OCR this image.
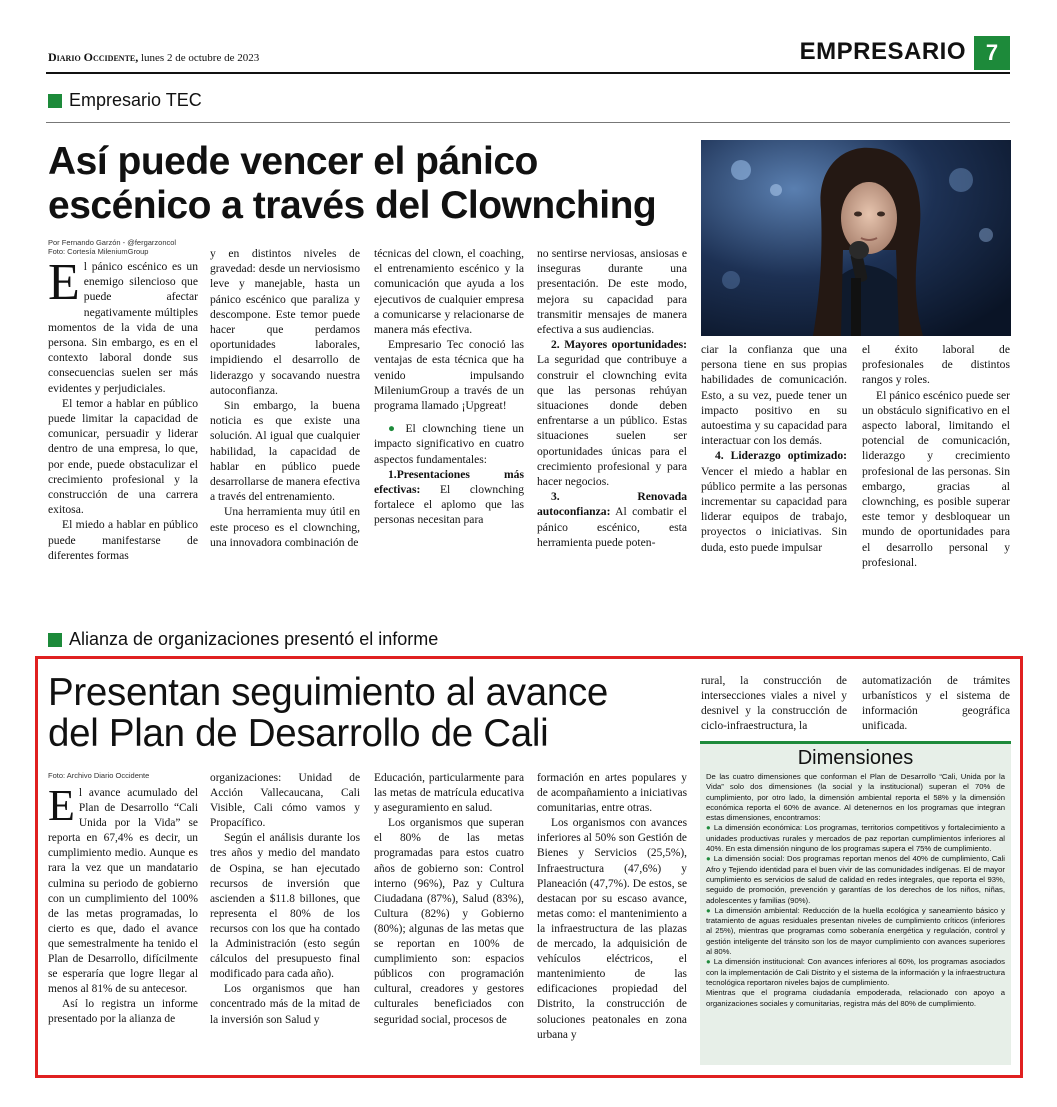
Diario Occidente, lunes 2 de octubre de 2023	EMPRESARIO 7
Empresario TEC
Así puede vencer el pánico
escénico a través del Clownching
Por Fernando Garzón - @fergarzoncol
Foto: Cortesía MileniumGroup

El pánico escénico es un enemigo silencioso que puede afectar negativamente múltiples momentos de la vida de una persona. Sin embargo, es en el contexto laboral donde sus consecuencias suelen ser más evidentes y perjudiciales.

El temor a hablar en público puede limitar la capacidad de comunicar, persuadir y liderar dentro de una empresa, lo que, por ende, puede obstaculizar el crecimiento profesional y la construcción de una carrera exitosa.

El miedo a hablar en público puede manifestarse de diferentes formas

y en distintos niveles de gravedad: desde un nerviosismo leve y manejable, hasta un pánico escénico que paraliza y descompone. Este temor puede hacer que perdamos oportunidades laborales, impidiendo el desarrollo de liderazgo y socavando nuestra autoconfianza.

Sin embargo, la buena noticia es que existe una solución. Al igual que cualquier habilidad, la capacidad de hablar en público puede desarrollarse de manera efectiva a través del entrenamiento.

Una herramienta muy útil en este proceso es el clownching, una innovadora combinación de

técnicas del clown, el coaching, el entrenamiento escénico y la comunicación que ayuda a los ejecutivos de cualquier empresa a comunicarse y relacionarse de manera más efectiva.

Empresario Tec conoció las ventajas de esta técnica que ha venido impulsando MileniumGroup a través de un programa llamado ¡Upgreat!

● El clownching tiene un impacto significativo en cuatro aspectos fundamentales:

1.Presentaciones más efectivas: El clownching fortalece el aplomo que las personas necesitan para

no sentirse nerviosas, ansiosas e inseguras durante una presentación. De este modo, mejora su capacidad para transmitir mensajes de manera efectiva a sus audiencias.

2. Mayores oportunidades: La seguridad que contribuye a construir el clownching evita que las personas rehúyan situaciones donde deben enfrentarse a un público. Estas situaciones suelen ser oportunidades únicas para el crecimiento profesional y para hacer negocios.

3. Renovada autoconfianza: Al combatir el pánico escénico, esta herramienta puede poten-

ciar la confianza que una persona tiene en sus propias habilidades de comunicación. Esto, a su vez, puede tener un impacto positivo en su autoestima y su capacidad para interactuar con los demás.

4. Liderazgo optimizado: Vencer el miedo a hablar en público permite a las personas incrementar su capacidad para liderar equipos de trabajo, proyectos o iniciativas. Sin duda, esto puede impulsar

el éxito laboral de profesionales de distintos rangos y roles.

El pánico escénico puede ser un obstáculo significativo en el aspecto laboral, limitando el potencial de comunicación, liderazgo y crecimiento profesional de las personas. Sin embargo, gracias al clownching, es posible superar este temor y desbloquear un mundo de oportunidades para el desarrollo personal y profesional.

Alianza de organizaciones presentó el informe
Presentan seguimiento al avance
del Plan de Desarrollo de Cali
Foto: Archivo Diario Occidente

El avance acumulado del Plan de Desarrollo “Cali Unida por la Vida” se reporta en 67,4% es decir, un cumplimiento medio. Aunque es rara la vez que un mandatario culmina su periodo de gobierno con un cumplimiento del 100% de las metas programadas, lo cierto es que, dado el avance que semestralmente ha tenido el Plan de Desarrollo, difícilmente se esperaría que logre llegar al menos al 81% de su antecesor.

Así lo registra un informe presentado por la alianza de

organizaciones: Unidad de Acción Vallecaucana, Cali Visible, Cali cómo vamos y Propacífico.

Según el análisis durante los tres años y medio del mandato de Ospina, se han ejecutado recursos de inversión que ascienden a $11.8 billones, que representa el 80% de los recursos con los que ha contado la Administración (esto según cálculos del presupuesto final modificado para cada año).

Los organismos que han concentrado más de la mitad de la inversión son Salud y

Educación, particularmente para las metas de matrícula educativa y aseguramiento en salud.

Los organismos que superan el 80% de las metas programadas para estos cuatro años de gobierno son: Control interno (96%), Paz y Cultura Ciudadana (87%), Salud (83%), Cultura (82%) y Gobierno (80%); algunas de las metas que se reportan en 100% de cumplimiento son: espacios públicos con programación cultural, creadores y gestores culturales beneficiados con seguridad social, procesos de

formación en artes populares y de acompañamiento a iniciativas comunitarias, entre otras.

Los organismos con avances inferiores al 50% son Gestión de Bienes y Servicios (25,5%), Infraestructura (47,6%) y Planeación (47,7%). De estos, se destacan por su escaso avance, metas como: el mantenimiento a la infraestructura de las plazas de mercado, la adquisición de vehículos eléctricos, el mantenimiento de las edificaciones propiedad del Distrito, la construcción de soluciones peatonales en zona urbana y

rural, la construcción de intersecciones viales a nivel y desnivel y la construcción de ciclo-infraestructura, la

automatización de trámites urbanísticos y el sistema de información geográfica unificada.

Dimensiones

De las cuatro dimensiones que conforman el Plan de Desarrollo “Cali, Unida por la Vida” solo dos dimensiones (la social y la institucional) superan el 70% de cumplimiento, por otro lado, la dimensión ambiental reporta el 58% y la dimensión económica reporta el 60% de avance. Al detenernos en los programas que integran estas dimensiones, encontramos:

● La dimensión económica: Los programas, territorios competitivos y fortalecimiento a unidades productivas rurales y mercados de paz reportan cumplimientos inferiores al 40%. En esta dimensión ninguno de los programas supera el 75% de cumplimiento.

● La dimensión social: Dos programas reportan menos del 40% de cumplimiento, Cali Afro y Tejiendo identidad para el buen vivir de las comunidades indígenas. El de mayor cumplimiento es servicios de salud de calidad en redes integrales, que reporta el 93%, seguido de promoción, prevención y garantías de los derechos de los niños, niñas, adolescentes y familias (90%).

● La dimensión ambiental: Reducción de la huella ecológica y saneamiento básico y tratamiento de aguas residuales presentan niveles de cumplimiento críticos (inferiores al 25%), mientras que programas como soberanía energética y regulación, control y gestión inteligente del tránsito son los de mayor cumplimiento con avances superiores al 80%.

● La dimensión institucional: Con avances inferiores al 60%, los programas asociados con la implementación de Cali Distrito y el sistema de la información y la infraestructura tecnológica reportaron niveles bajos de cumplimiento.

Mientras que el programa ciudadanía empoderada, relacionado con apoyo a organizaciones sociales y comunitarias, registra más del 80% de cumplimiento.
